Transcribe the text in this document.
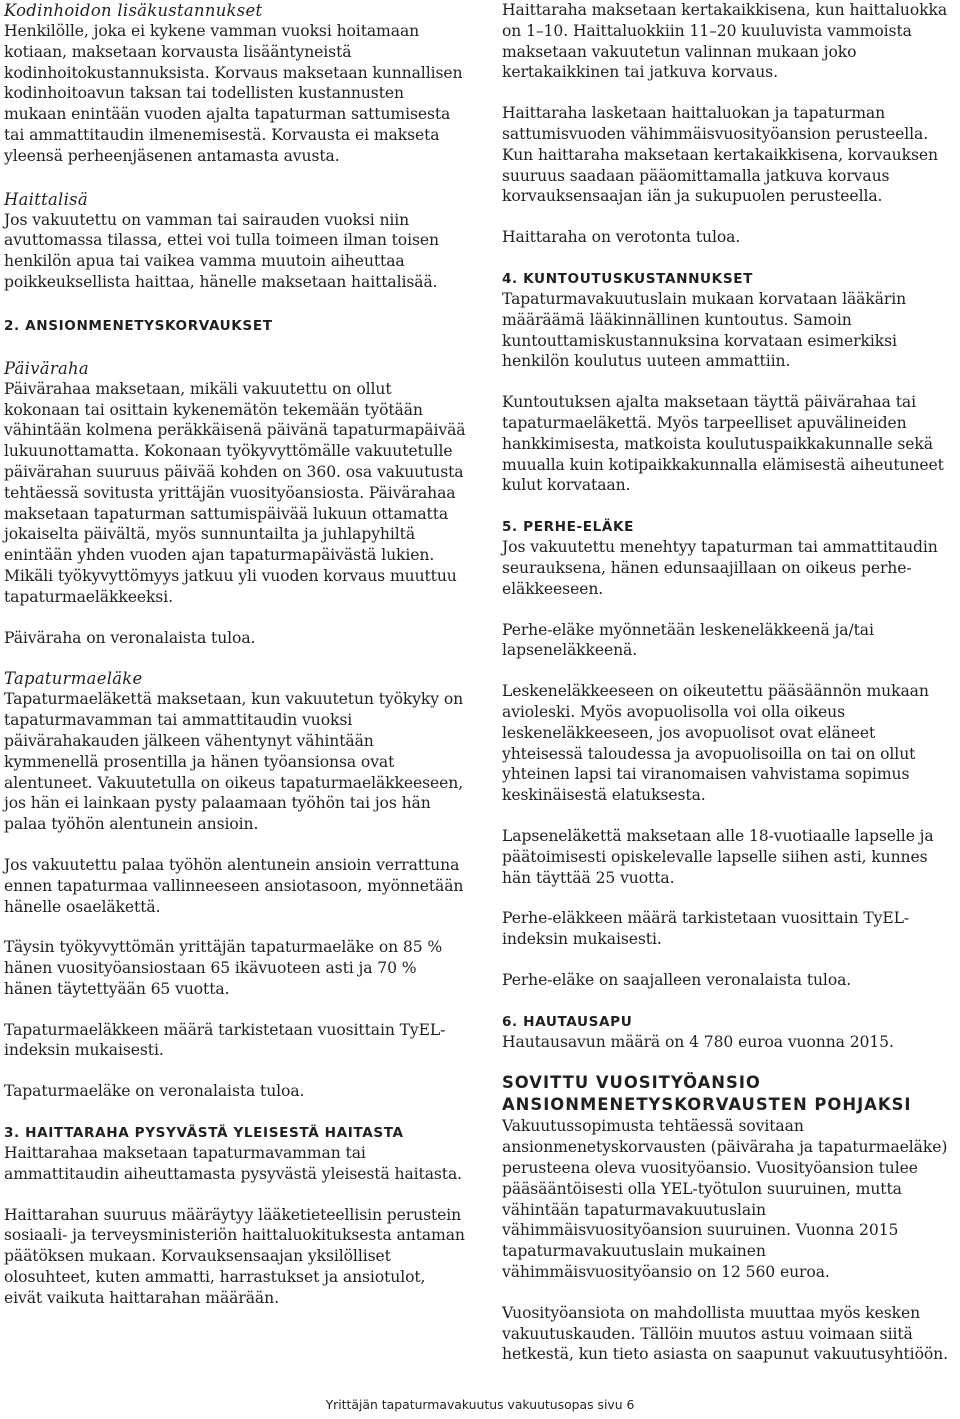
Kodinhoidon lisäkustannukset

Henkilölle, joka ei kykene vamman vuoksi hoitamaan kotiaan, maksetaan korvausta lisääntyneistä kodinhoitokustannuksista. Korvaus maksetaan kunnallisen kodinhoitoavun taksan tai todellisten kustannusten mukaan enintään vuoden ajalta tapaturman sattumisesta tai ammattitaudin ilmenemisestä. Korvausta ei makseta yleensä perheenjäsenen antamasta avusta.

Haittalisä

Jos vakuutettu on vamman tai sairauden vuoksi niin avuttomassa tilassa, ettei voi tulla toimeen ilman toisen henkilön apua tai vaikea vamma muutoin aiheuttaa poikkeuksellista haittaa, hänelle maksetaan haittalisää.

2. ANSIONMENETYSKORVAUKSET
Päiväraha

Päivärahaa maksetaan, mikäli vakuutettu on ollut kokonaan tai osittain kykenemätön tekemään työtään vähintään kolmena peräkkäisenä päivänä tapaturmapäivää lukuunottamatta. Kokonaan työkyvyttömälle vakuutetulle päivärahan suuruus päivää kohden on 360. osa vakuutusta tehtäessä sovitusta yrittäjän vuosityöansiosta. Päivärahaa maksetaan tapaturman sattumispäivää lukuun ottamatta jokaiselta päivältä, myös sunnuntailta ja juhlapyhiltä enintään yhden vuoden ajan tapaturmapäivästä lukien. Mikäli työkyvyttömyys jatkuu yli vuoden korvaus muuttuu tapaturmaeläkkeeksi.

Päiväraha on veronalaista tuloa.

Tapaturmaeläke

Tapaturmaeläkettä maksetaan, kun vakuutetun työkyky on tapaturmavamman tai ammattitaudin vuoksi päivärahakauden jälkeen vähentynyt vähintään kymmenellä prosentilla ja hänen työansionsa ovat alentuneet. Vakuutetulla on oikeus tapaturmaeläkkeeseen, jos hän ei lainkaan pysty palaamaan työhön tai jos hän palaa työhön alentunein ansioin.

Jos vakuutettu palaa työhön alentunein ansioin verrattuna ennen tapaturmaa vallinneeseen ansiotasoon, myönnetään hänelle osaeläkettä.

Täysin työkyvyttömän yrittäjän tapaturmaeläke on 85 % hänen vuosityöansiostaan 65 ikävuoteen asti ja 70 % hänen täytettyään 65 vuotta.

Tapaturmaeläkkeen määrä tarkistetaan vuosittain TyEL-indeksin mukaisesti.

Tapaturmaeläke on veronalaista tuloa.

3. HAITTARAHA PYSYVÄSTÄ YLEISESTÄ HAITASTA

Haittarahaa maksetaan tapaturmavamman tai ammattitaudin aiheuttamasta pysyvästä yleisestä haitasta.

Haittarahan suuruus määräytyy lääketieteellisin perustein sosiaali- ja terveysministeriön haittaluokituksesta antaman päätöksen mukaan. Korvauksensaajan yksilölliset olosuhteet, kuten ammatti, harrastukset ja ansiotulot, eivät vaikuta haittarahan määrään.

Haittaraha maksetaan kertakaikkisena, kun haittaluokka on 1–10. Haittaluokkiin 11–20 kuuluvista vammoista maksetaan vakuutetun valinnan mukaan joko kertakaikkinen tai jatkuva korvaus.

Haittaraha lasketaan haittaluokan ja tapaturman sattumisvuoden vähimmäisvuosityöansion perusteella. Kun haittaraha maksetaan kertakaikkisena, korvauksen suuruus saadaan pääomittamalla jatkuva korvaus korvauksensaajan iän ja sukupuolen perusteella.

Haittaraha on verotonta tuloa.

4. KUNTOUTUSKUSTANNUKSET

Tapaturmavakuutuslain mukaan korvataan lääkärin määräämä lääkinnällinen kuntoutus. Samoin kuntouttamiskustannuksina korvataan esimerkiksi henkilön koulutus uuteen ammattiin.

Kuntoutuksen ajalta maksetaan täyttä päivärahaa tai tapaturmaeläkettä. Myös tarpeelliset apuvälineiden hankkimisesta, matkoista koulutuspaikkakunnalle sekä muualla kuin kotipaikkakunnalla elämisestä aiheutuneet kulut korvataan.

5. PERHE-ELÄKE

Jos vakuutettu menehtyy tapaturman tai ammattitaudin seurauksena, hänen edunsaajillaan on oikeus perhe-eläkkeeseen.

Perhe-eläke myönnetään leskeneläkkeenä ja/tai lapseneläkkeenä.

Leskeneläkkeeseen on oikeutettu pääsäännön mukaan avioleski. Myös avopuolisolla voi olla oikeus leskeneläkkeeseen, jos avopuolisot ovat eläneet yhteisessä taloudessa ja avopuolisoilla on tai on ollut yhteinen lapsi tai viranomaisen vahvistama sopimus keskinäisestä elatuksesta.

Lapseneläkettä maksetaan alle 18-vuotiaalle lapselle ja päätoimisesti opiskelevalle lapselle siihen asti, kunnes hän täyttää 25 vuotta.

Perhe-eläkkeen määrä tarkistetaan vuosittain TyEL-indeksin mukaisesti.

Perhe-eläke on saajalleen veronalaista tuloa.

6. HAUTAUSAPU

Hautausavun määrä on 4 780 euroa vuonna 2015.

SOVITTU VUOSITYÖANSIO ANSIONMENETYSKORVAUSTEN POHJAKSI

Vakuutussopimusta tehtäessä sovitaan ansionmenetyskorvausten (päiväraha ja tapaturmaeläke) perusteena oleva vuosityöansio. Vuosityöansion tulee pääsääntöisesti olla YEL-työtulon suuruinen, mutta vähintään tapaturmavakuutuslain vähimmäisvuosityöansion suuruinen. Vuonna 2015 tapaturmavakuutuslain mukainen vähimmäisvuosityöansio on 12 560 euroa.

Vuosityöansiota on mahdollista muuttaa myös kesken vakuutuskauden. Tällöin muutos astuu voimaan siitä hetkestä, kun tieto asiasta on saapunut vakuutusyhtiöön.

Yrittäjän tapaturmavakuutus vakuutusopas sivu 6
